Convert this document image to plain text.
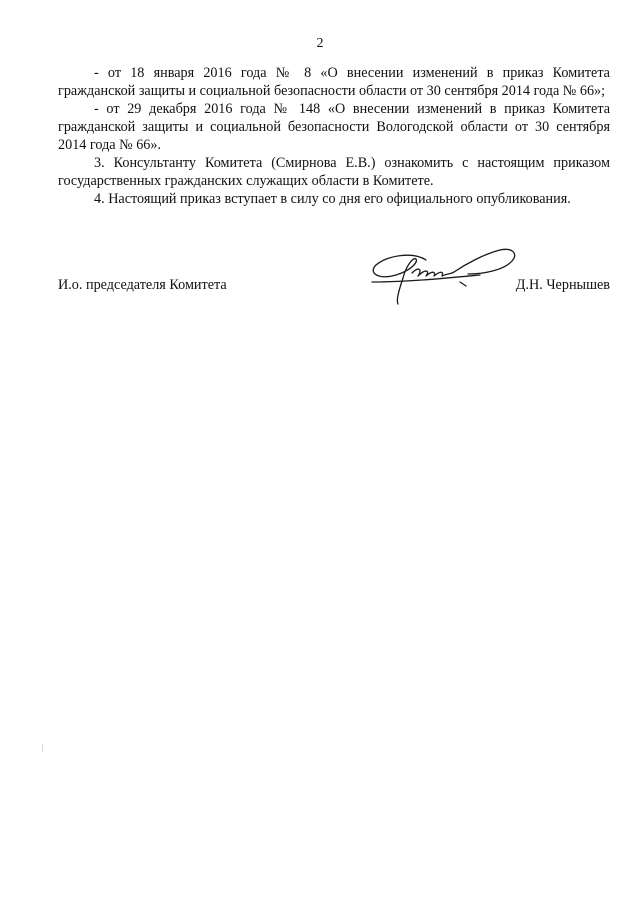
2

- от 18 января 2016 года № 8 «О внесении изменений в приказ Комитета гражданской защиты и социальной безопасности области от 30 сентября 2014 года № 66»;

- от 29 декабря 2016 года № 148 «О внесении изменений в приказ Комитета гражданской защиты и социальной безопасности Вологодской области от 30 сентября 2014 года № 66».

3. Консультанту Комитета (Смирнова Е.В.) ознакомить с настоящим приказом государственных гражданских служащих области в Комитете.

4. Настоящий приказ вступает в силу со дня его официального опубликования.

И.о. председателя Комитета	Д.Н. Чернышев
